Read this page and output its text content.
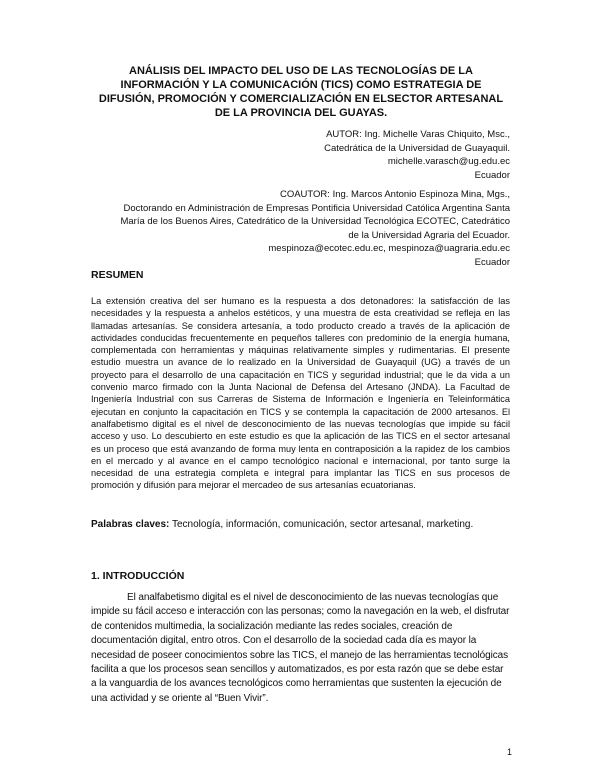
ANÁLISIS DEL IMPACTO DEL USO DE LAS TECNOLOGÍAS DE LA
INFORMACIÓN Y LA COMUNICACIÓN (TICS) COMO ESTRATEGIA DE
DIFUSIÓN, PROMOCIÓN Y COMERCIALIZACIÓN EN ELSECTOR ARTESANAL
DE LA PROVINCIA DEL GUAYAS.
AUTOR: Ing. Michelle Varas Chiquito, Msc.,
Catedrática de la Universidad de Guayaquil.
michelle.varasch@ug.edu.ec
Ecuador
COAUTOR: Ing. Marcos Antonio Espinoza Mina, Mgs.,
Doctorando en Administración de Empresas Pontificia Universidad Católica Argentina Santa
María de los Buenos Aires, Catedrático de la Universidad Tecnológica ECOTEC, Catedrático
de la Universidad Agraria del Ecuador.
mespinoza@ecotec.edu.ec, mespinoza@uagraria.edu.ec
Ecuador
RESUMEN

La extensión creativa del ser humano es la respuesta a dos detonadores: la satisfacción de las necesidades y la respuesta a anhelos estéticos, y una muestra de esta creatividad se refleja en las llamadas artesanías. Se considera artesanía, a todo producto creado a través de la aplicación de actividades conducidas frecuentemente en pequeños talleres con predominio de la energía humana, complementada con herramientas y máquinas relativamente simples y rudimentarias. El presente estudio muestra un avance de lo realizado en la Universidad de Guayaquil (UG) a través de un proyecto para el desarrollo de una capacitación en TICS y seguridad industrial; que le da vida a un convenio marco firmado con la Junta Nacional de Defensa del Artesano (JNDA). La Facultad de Ingeniería Industrial con sus Carreras de Sistema de Información e Ingeniería en Teleinformática ejecutan en conjunto la capacitación en TICS y se contempla la capacitación de 2000 artesanos. El analfabetismo digital es el nivel de desconocimiento de las nuevas tecnologías que impide su fácil acceso y uso. Lo descubierto en este estudio es que la aplicación de las TICS en el sector artesanal es un proceso que está avanzando de forma muy lenta en contraposición a la rapidez de los cambios en el mercado y al avance en el campo tecnológico nacional e internacional, por tanto surge la necesidad de una estrategia completa e integral para implantar las TICS en sus procesos de promoción y difusión para mejorar el mercadeo de sus artesanías ecuatorianas.

Palabras claves: Tecnología, información, comunicación, sector artesanal, marketing.

1. INTRODUCCIÓN

El analfabetismo digital es el nivel de desconocimiento de las nuevas tecnologías que impide su fácil acceso e interacción con las personas; como la navegación en la web, el disfrutar de contenidos multimedia, la socialización mediante las redes sociales, creación de documentación digital, entro otros. Con el desarrollo de la sociedad cada día es mayor la necesidad de poseer conocimientos sobre las TICS, el manejo de las herramientas tecnológicas facilita a que los procesos sean sencillos y automatizados, es por esta razón que se debe estar a la vanguardia de los avances tecnológicos como herramientas que sustenten la ejecución de una actividad y se oriente al “Buen Vivir”.

1
